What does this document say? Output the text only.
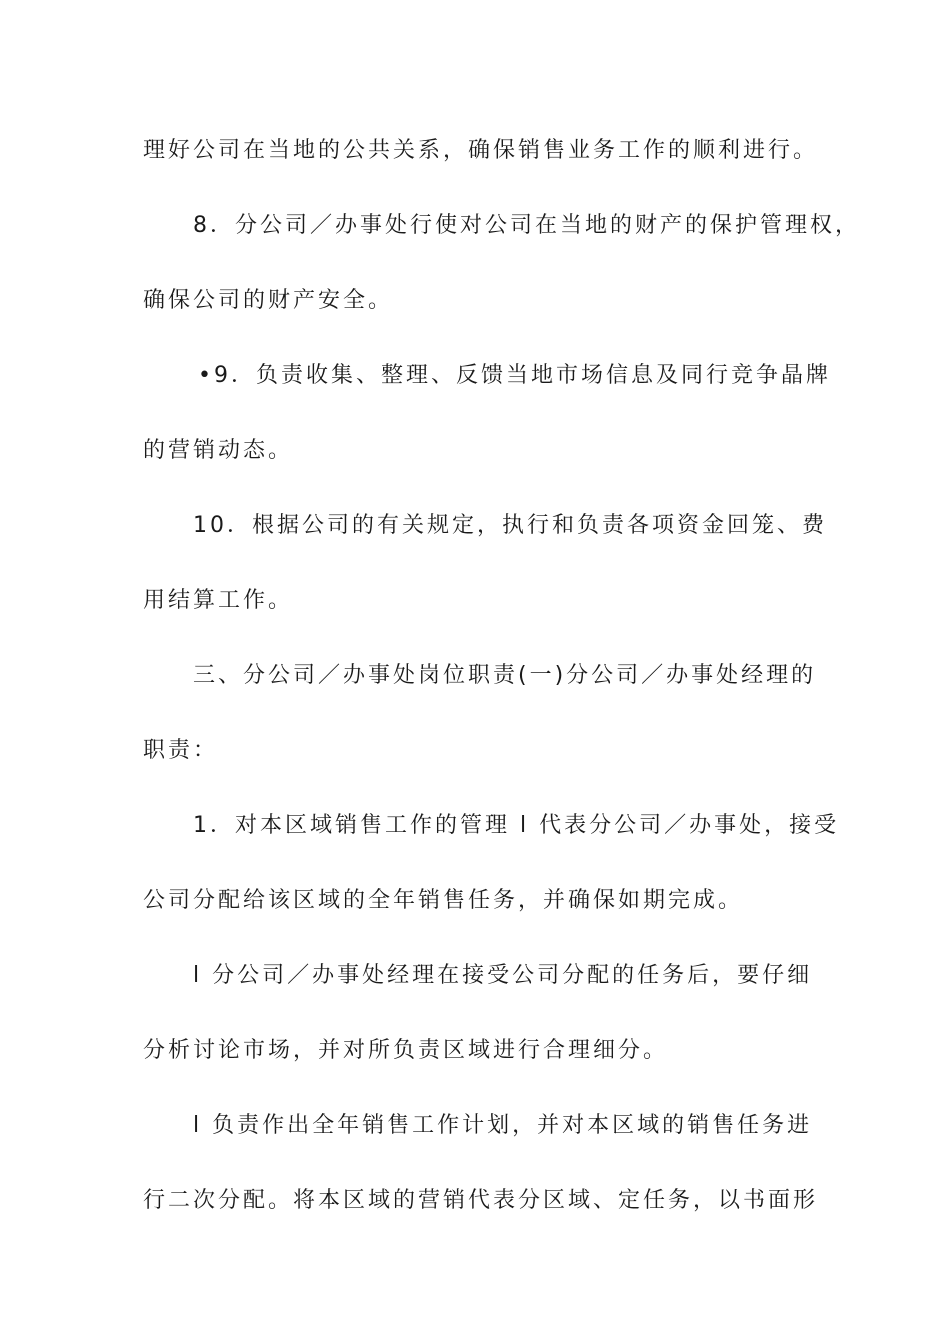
理好公司在当地的公共关系，确保销售业务工作的顺利进行。
8．分公司／办事处行使对公司在当地的财产的保护管理权，
确保公司的财产安全。
•9．负责收集、整理、反馈当地市场信息及同行竞争晶牌
的营销动态。
10．根据公司的有关规定，执行和负责各项资金回笼、费
用结算工作。
三、分公司／办事处岗位职责(一)分公司／办事处经理的
职责：
1．对本区域销售工作的管理 l 代表分公司／办事处，接受
公司分配给该区域的全年销售任务，并确保如期完成。
l 分公司／办事处经理在接受公司分配的任务后，要仔细
分析讨论市场，并对所负责区域进行合理细分。
l 负责作出全年销售工作计划，并对本区域的销售任务进
行二次分配。将本区域的营销代表分区域、定任务，以书面形
